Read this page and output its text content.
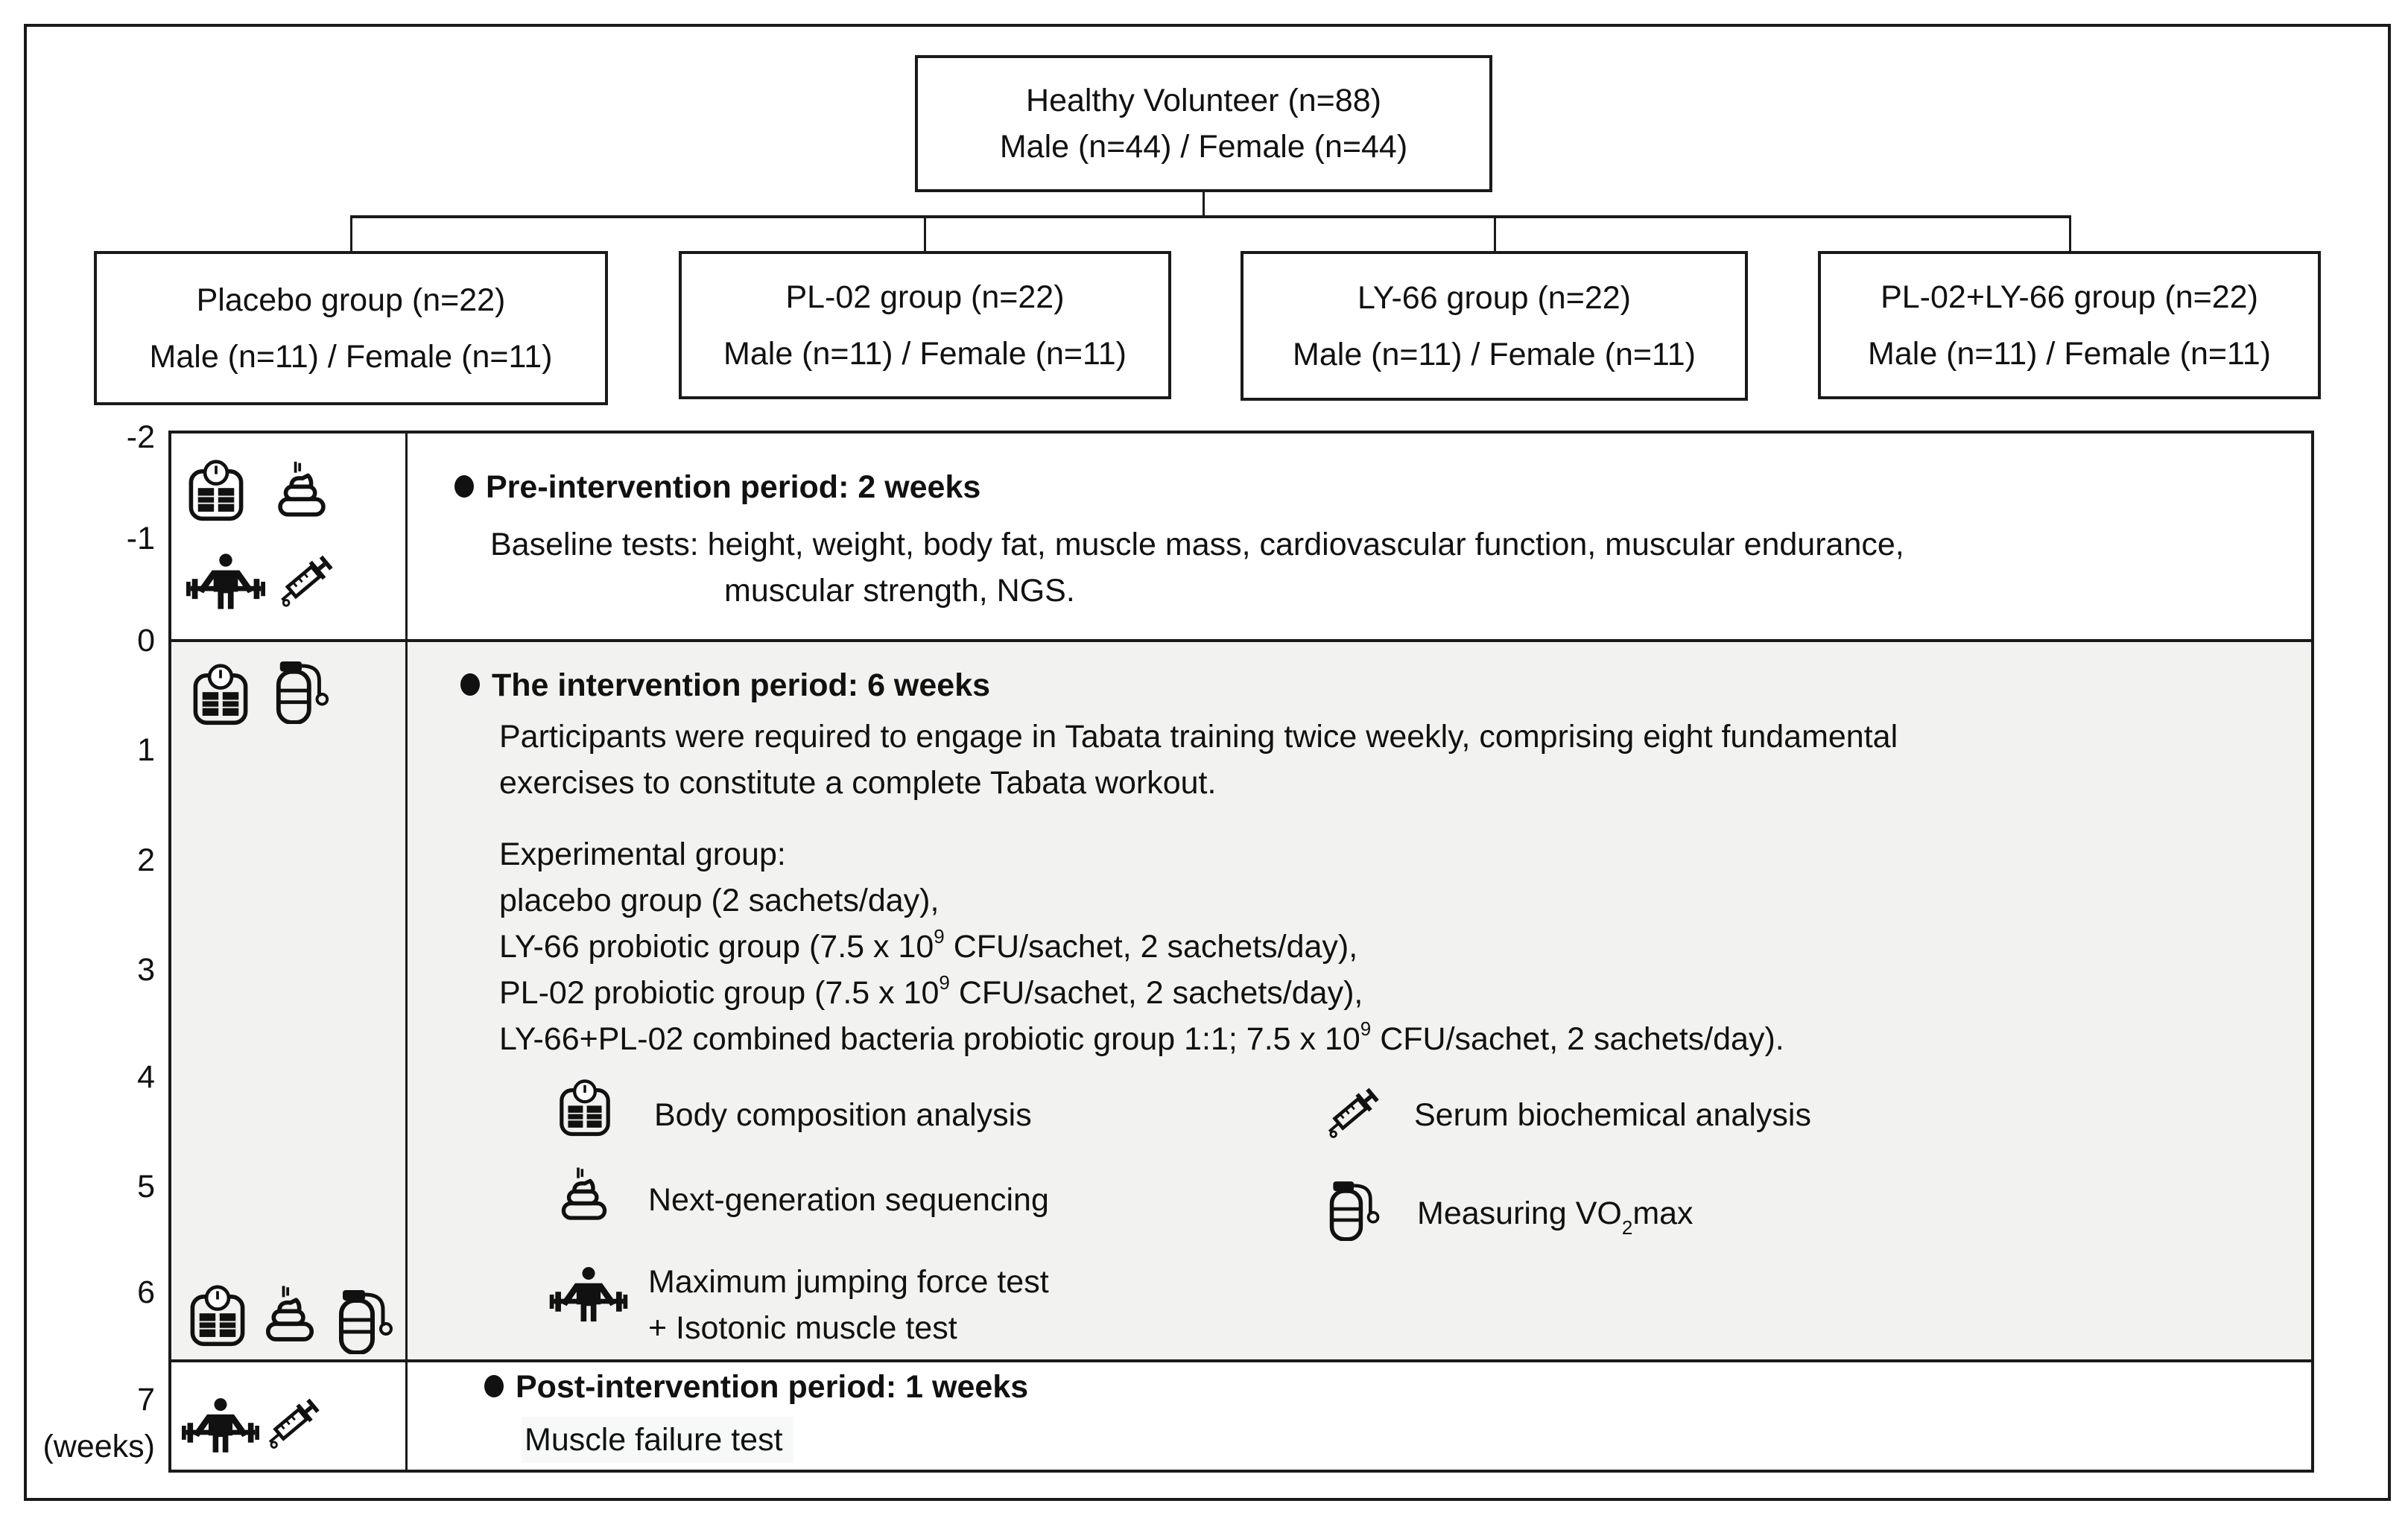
Healthy Volunteer (n=88)
Male (n=44) / Female (n=44)
Placebo group (n=22)
Male (n=11) / Female (n=11)
PL-02 group (n=22)
Male (n=11) / Female (n=11)
LY-66 group (n=22)
Male (n=11) / Female (n=11)
PL-02+LY-66 group (n=22)
Male (n=11) / Female (n=11)
-2
-1
0
1
2
3
4
5
6
7
(weeks)
Pre-intervention period: 2 weeks
Baseline tests: height, weight, body fat, muscle mass, cardiovascular function, muscular endurance,
muscular strength, NGS.
The intervention period: 6 weeks
Participants were required to engage in Tabata training twice weekly, comprising eight fundamental
exercises to constitute a complete Tabata workout.
Experimental group:
placebo group (2 sachets/day),
LY-66 probiotic group (7.5 x $10^9$ CFU/sachet, 2 sachets/day),
PL-02 probiotic group (7.5 x $10^9$ CFU/sachet, 2 sachets/day),
LY-66+PL-02 combined bacteria probiotic group 1:1; 7.5 x $10^9$ CFU/sachet, 2 sachets/day).
Body composition analysis
Next-generation sequencing
Maximum jumping force test
+ Isotonic muscle test
Serum biochemical analysis
Measuring $VO_2\max$
Post-intervention period: 1 weeks
Muscle failure test
